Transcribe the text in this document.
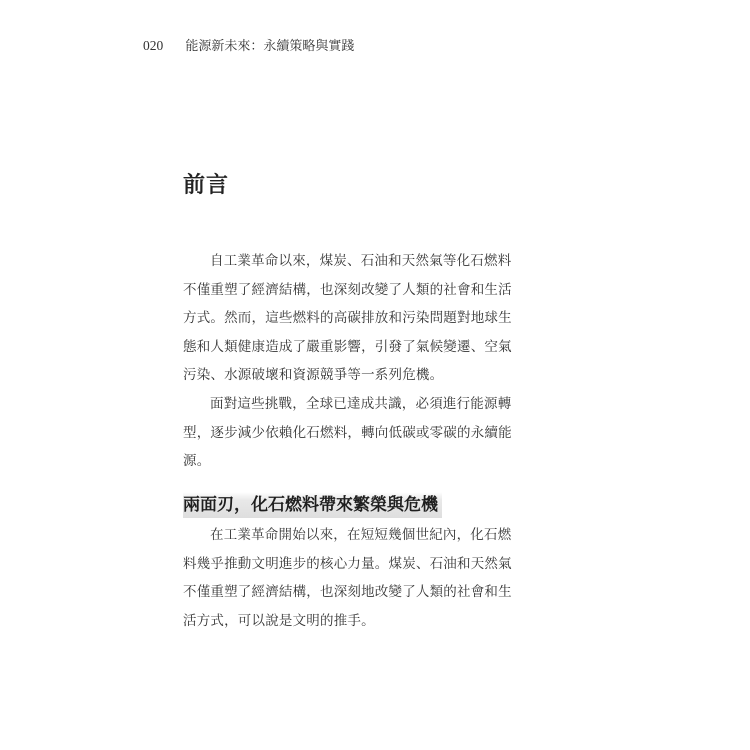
020 能源新未來：永續策略與實踐
前言

自工業革命以來，煤炭、石油和天然氣等化石燃料
不僅重塑了經濟結構，也深刻改變了人類的社會和生活
方式。然而，這些燃料的高碳排放和污染問題對地球生
態和人類健康造成了嚴重影響，引發了氣候變遷、空氣
污染、水源破壞和資源競爭等一系列危機。

面對這些挑戰，全球已達成共識，必須進行能源轉
型，逐步減少依賴化石燃料，轉向低碳或零碳的永續能
源。

兩面刃，化石燃料帶來繁榮與危機

在工業革命開始以來，在短短幾個世紀內，化石燃
料幾乎推動文明進步的核心力量。煤炭、石油和天然氣
不僅重塑了經濟結構，也深刻地改變了人類的社會和生
活方式，可以說是文明的推手。
